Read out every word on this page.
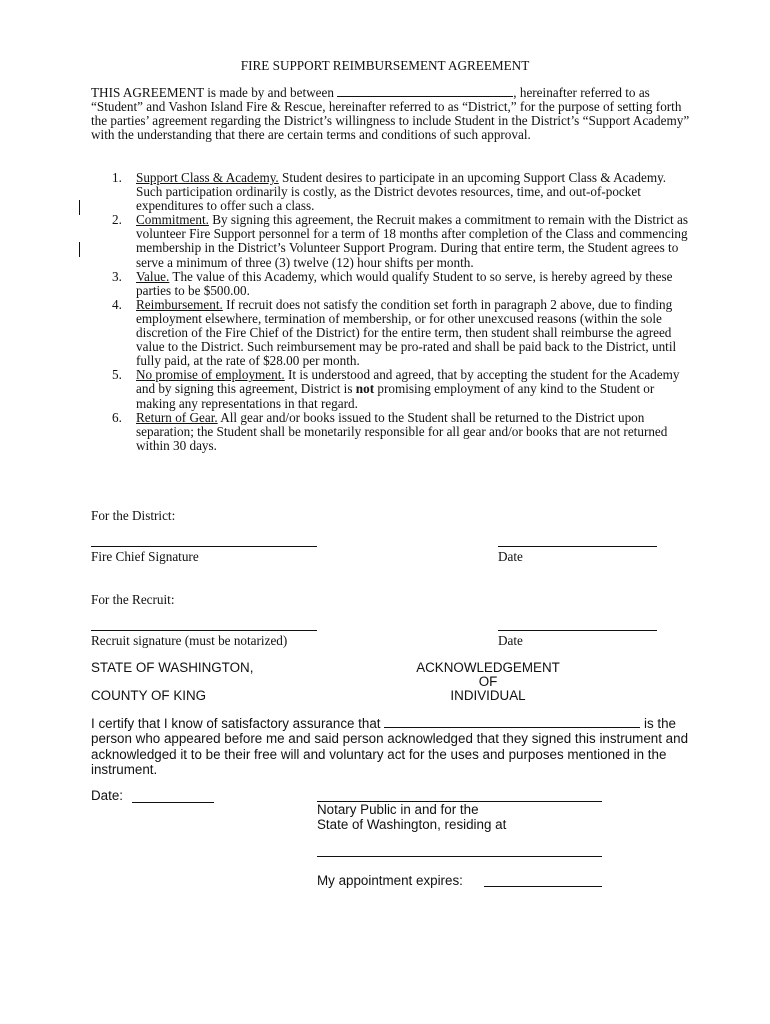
FIRE SUPPORT REIMBURSEMENT AGREEMENT

THIS AGREEMENT is made by and between	, hereinafter referred to as “Student” and Vashon Island Fire & Rescue, hereinafter referred to as “District,” for the purpose of setting forth the parties’ agreement regarding the District’s willingness to include Student in the District’s “Support Academy” with the understanding that there are certain terms and conditions of such approval.

1. Support Class & Academy. Student desires to participate in an upcoming Support Class & Academy. Such participation ordinarily is costly, as the District devotes resources, time, and out-of-pocket expenditures to offer such a class.
2. Commitment. By signing this agreement, the Recruit makes a commitment to remain with the District as volunteer Fire Support personnel for a term of 18 months after completion of the Class and commencing membership in the District’s Volunteer Support Program. During that entire term, the Student agrees to serve a minimum of three (3) twelve (12) hour shifts per month.
3. Value. The value of this Academy, which would qualify Student to so serve, is hereby agreed by these parties to be $500.00.
4. Reimbursement. If recruit does not satisfy the condition set forth in paragraph 2 above, due to finding employment elsewhere, termination of membership, or for other unexcused reasons (within the sole discretion of the Fire Chief of the District) for the entire term, then student shall reimburse the agreed value to the District. Such reimbursement may be pro-rated and shall be paid back to the District, until fully paid, at the rate of $28.00 per month.
5. No promise of employment. It is understood and agreed, that by accepting the student for the Academy and by signing this agreement, District is not promising employment of any kind to the Student or making any representations in that regard.
6. Return of Gear. All gear and/or books issued to the Student shall be returned to the District upon separation; the Student shall be monetarily responsible for all gear and/or books that are not returned within 30 days.
For the District:
Fire Chief Signature	Date
For the Recruit:
Recruit signature (must be notarized)	Date
STATE OF WASHINGTON,
COUNTY OF KING
ACKNOWLEDGEMENT
OF
INDIVIDUAL

I certify that I know of satisfactory assurance that	is the person who appeared before me and said person acknowledged that they signed this instrument and acknowledged it to be their free will and voluntary act for the uses and purposes mentioned in the instrument.

Date:
Notary Public in and for the
State of Washington, residing at
My appointment expires:
